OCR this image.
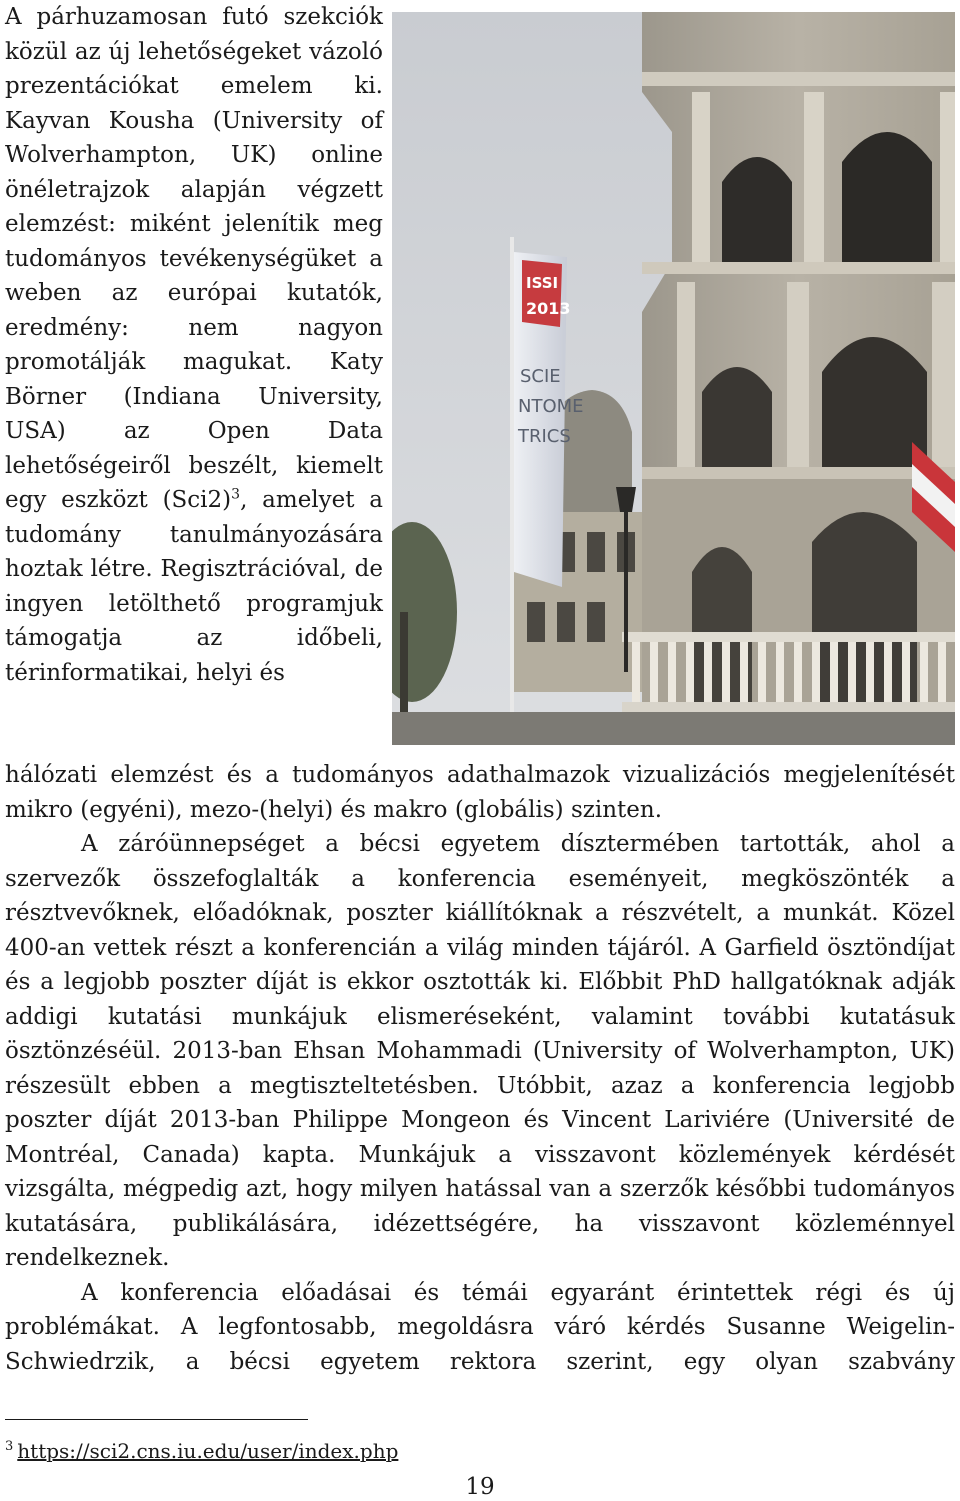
ISSI
2013
SCIE
NTOME
TRICS

A párhuzamosan futó szekciók közül az új lehetőségeket vázoló prezentációkat emelem ki. Kayvan Kousha (University of Wolverhampton, UK) online önéletrajzok alapján végzett elemzést: miként jelenítik meg tudományos tevékenységüket a weben az európai kutatók, eredmény: nem nagyon promotálják magukat. Katy Börner (Indiana University, USA) az Open Data lehetőségeiről beszélt, kiemelt egy eszközt $(Sci2)^3$, amelyet a tudomány tanulmányozására hoztak létre. Regisztrációval, de ingyen letölthető programjuk támogatja az időbeli, térinformatikai, helyi és

hálózati elemzést és a tudományos adathalmazok vizualizációs megjelenítését mikro (egyéni), mezo-(helyi) és makro (globális) szinten.

A záróünnepséget a bécsi egyetem dísztermében tartották, ahol a szervezők összefoglalták a konferencia eseményeit, megköszönték a résztvevőknek, előadóknak, poszter kiállítóknak a részvételt, a munkát. Közel 400-an vettek részt a konferencián a világ minden tájáról. A Garfield ösztöndíjat és a legjobb poszter díját is ekkor osztották ki. Előbbit PhD hallgatóknak adják addigi kutatási munkájuk elismeréseként, valamint további kutatásuk ösztönzéséül. 2013-ban Ehsan Mohammadi (University of Wolverhampton, UK) részesült ebben a megtiszteltetésben. Utóbbit, azaz a konferencia legjobb poszter díját 2013-ban Philippe Mongeon és Vincent Lariviére (Université de Montréal, Canada) kapta. Munkájuk a visszavont közlemények kérdését vizsgálta, mégpedig azt, hogy milyen hatással van a szerzők későbbi tudományos kutatására, publikálására, idézettségére, ha visszavont közleménnyel rendelkeznek.

A konferencia előadásai és témái egyaránt érintettek régi és új problémákat. A legfontosabb, megoldásra váró kérdés Susanne Weigelin-Schwiedrzik, a bécsi egyetem rektora szerint, egy olyan szabvány

$^3$ https://sci2.cns.iu.edu/user/index.php
19
